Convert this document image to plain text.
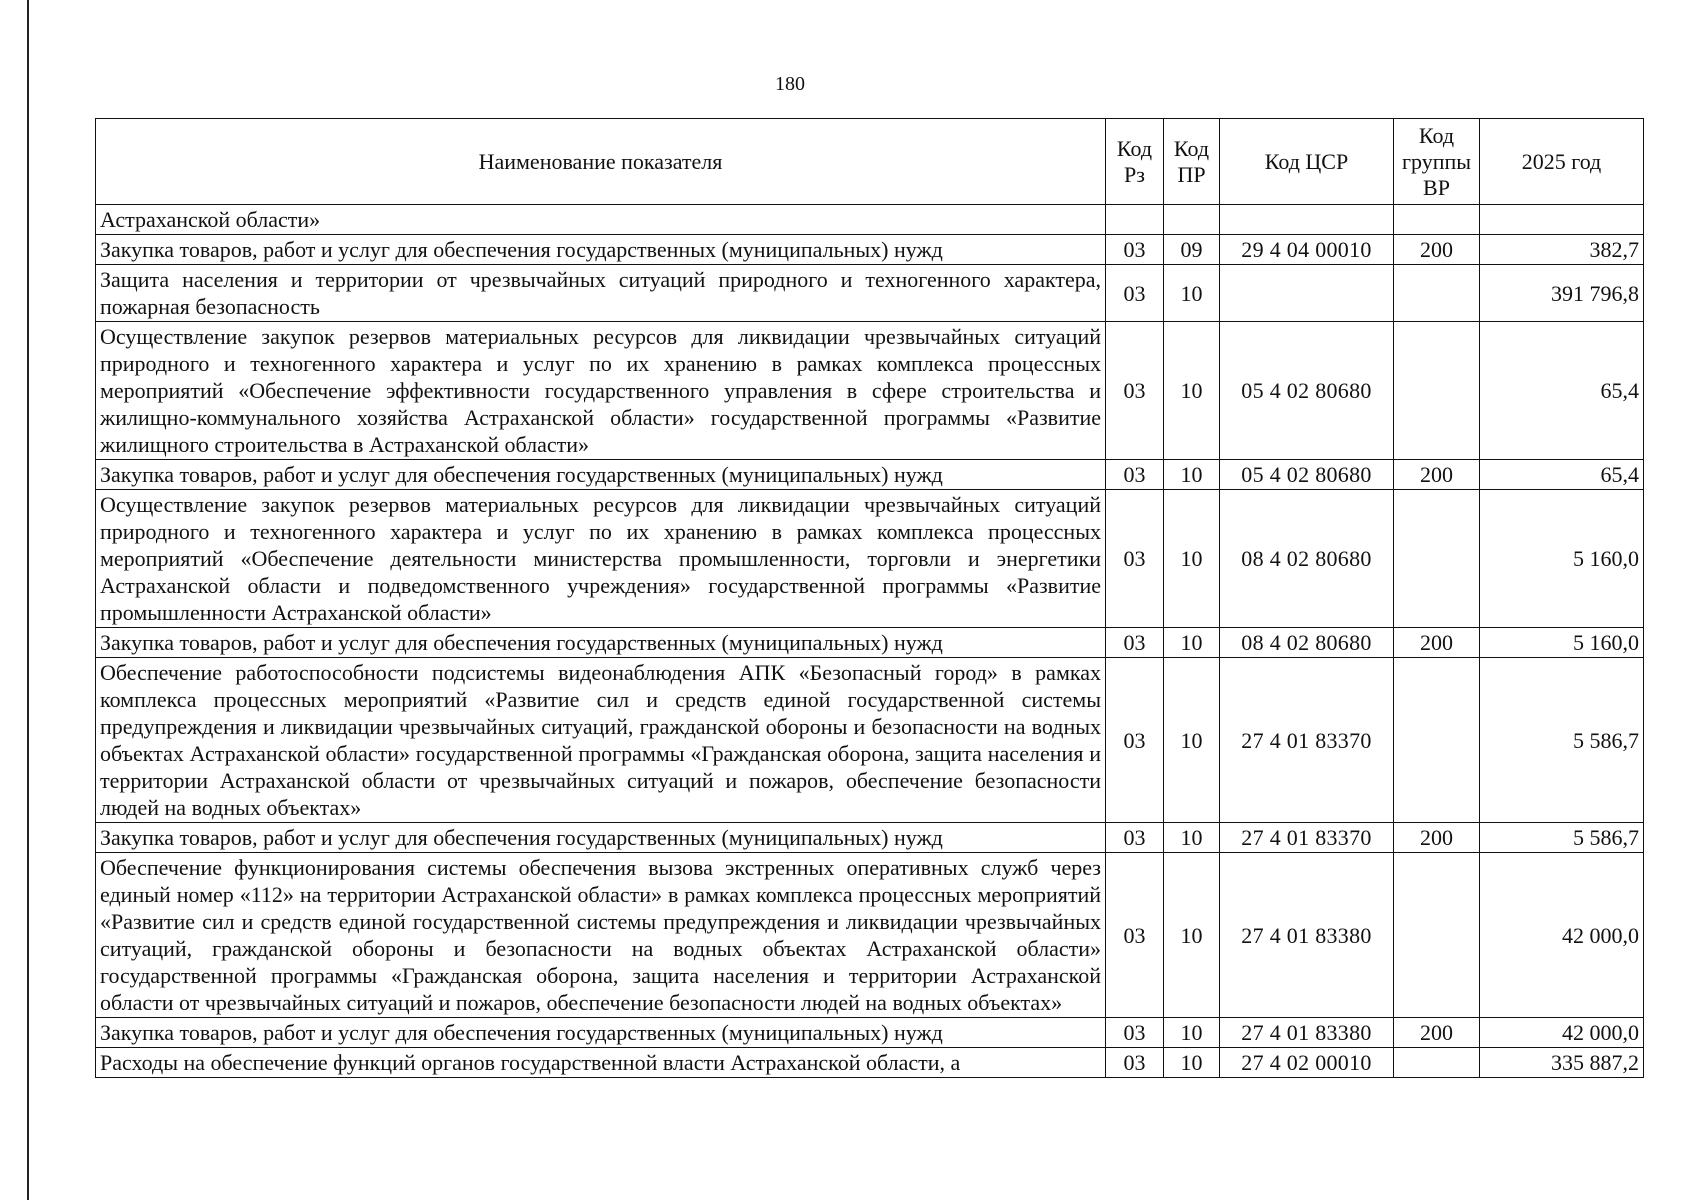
180
Наименование показателя	Код Рз	Код ПР	Код ЦСР	Код группы ВР	2025 год
Астраханской области»					
Закупка товаров, работ и услуг для обеспечения государственных (муниципальных) нужд	03	09	29 4 04 00010	200	382,7
Защита населения и территории от чрезвычайных ситуаций природного и техногенного характера, пожарная безопасность	03	10			391 796,8
Осуществление закупок резервов материальных ресурсов для ликвидации чрезвычайных ситуаций природного и техногенного характера и услуг по их хранению в рамках комплекса процессных мероприятий «Обеспечение эффективности государственного управления в сфере строительства и жилищно-коммунального хозяйства Астраханской области» государственной программы «Развитие жилищного строительства в Астраханской области»	03	10	05 4 02 80680		65,4
Закупка товаров, работ и услуг для обеспечения государственных (муниципальных) нужд	03	10	05 4 02 80680	200	65,4
Осуществление закупок резервов материальных ресурсов для ликвидации чрезвычайных ситуаций природного и техногенного характера и услуг по их хранению в рамках комплекса процессных мероприятий «Обеспечение деятельности министерства промышленности, торговли и энергетики Астраханской области и подведомственного учреждения» государственной программы «Развитие промышленности Астраханской области»	03	10	08 4 02 80680		5 160,0
Закупка товаров, работ и услуг для обеспечения государственных (муниципальных) нужд	03	10	08 4 02 80680	200	5 160,0
Обеспечение работоспособности подсистемы видеонаблюдения АПК «Безопасный город» в рамках комплекса процессных мероприятий «Развитие сил и средств единой государственной системы предупреждения и ликвидации чрезвычайных ситуаций, гражданской обороны и безопасности на водных объектах Астраханской области» государственной программы «Гражданская оборона, защита населения и территории Астраханской области от чрезвычайных ситуаций и пожаров, обеспечение безопасности людей на водных объектах»	03	10	27 4 01 83370		5 586,7
Закупка товаров, работ и услуг для обеспечения государственных (муниципальных) нужд	03	10	27 4 01 83370	200	5 586,7
Обеспечение функционирования системы обеспечения вызова экстренных оперативных служб через единый номер «112» на территории Астраханской области» в рамках комплекса процессных мероприятий «Развитие сил и средств единой государственной системы предупреждения и ликвидации чрезвычайных ситуаций, гражданской обороны и безопасности на водных объектах Астраханской области» государственной программы «Гражданская оборона, защита населения и территории Астраханской области от чрезвычайных ситуаций и пожаров, обеспечение безопасности людей на водных объектах»	03	10	27 4 01 83380		42 000,0
Закупка товаров, работ и услуг для обеспечения государственных (муниципальных) нужд	03	10	27 4 01 83380	200	42 000,0
Расходы на обеспечение функций органов государственной власти Астраханской области, а	03	10	27 4 02 00010		335 887,2
